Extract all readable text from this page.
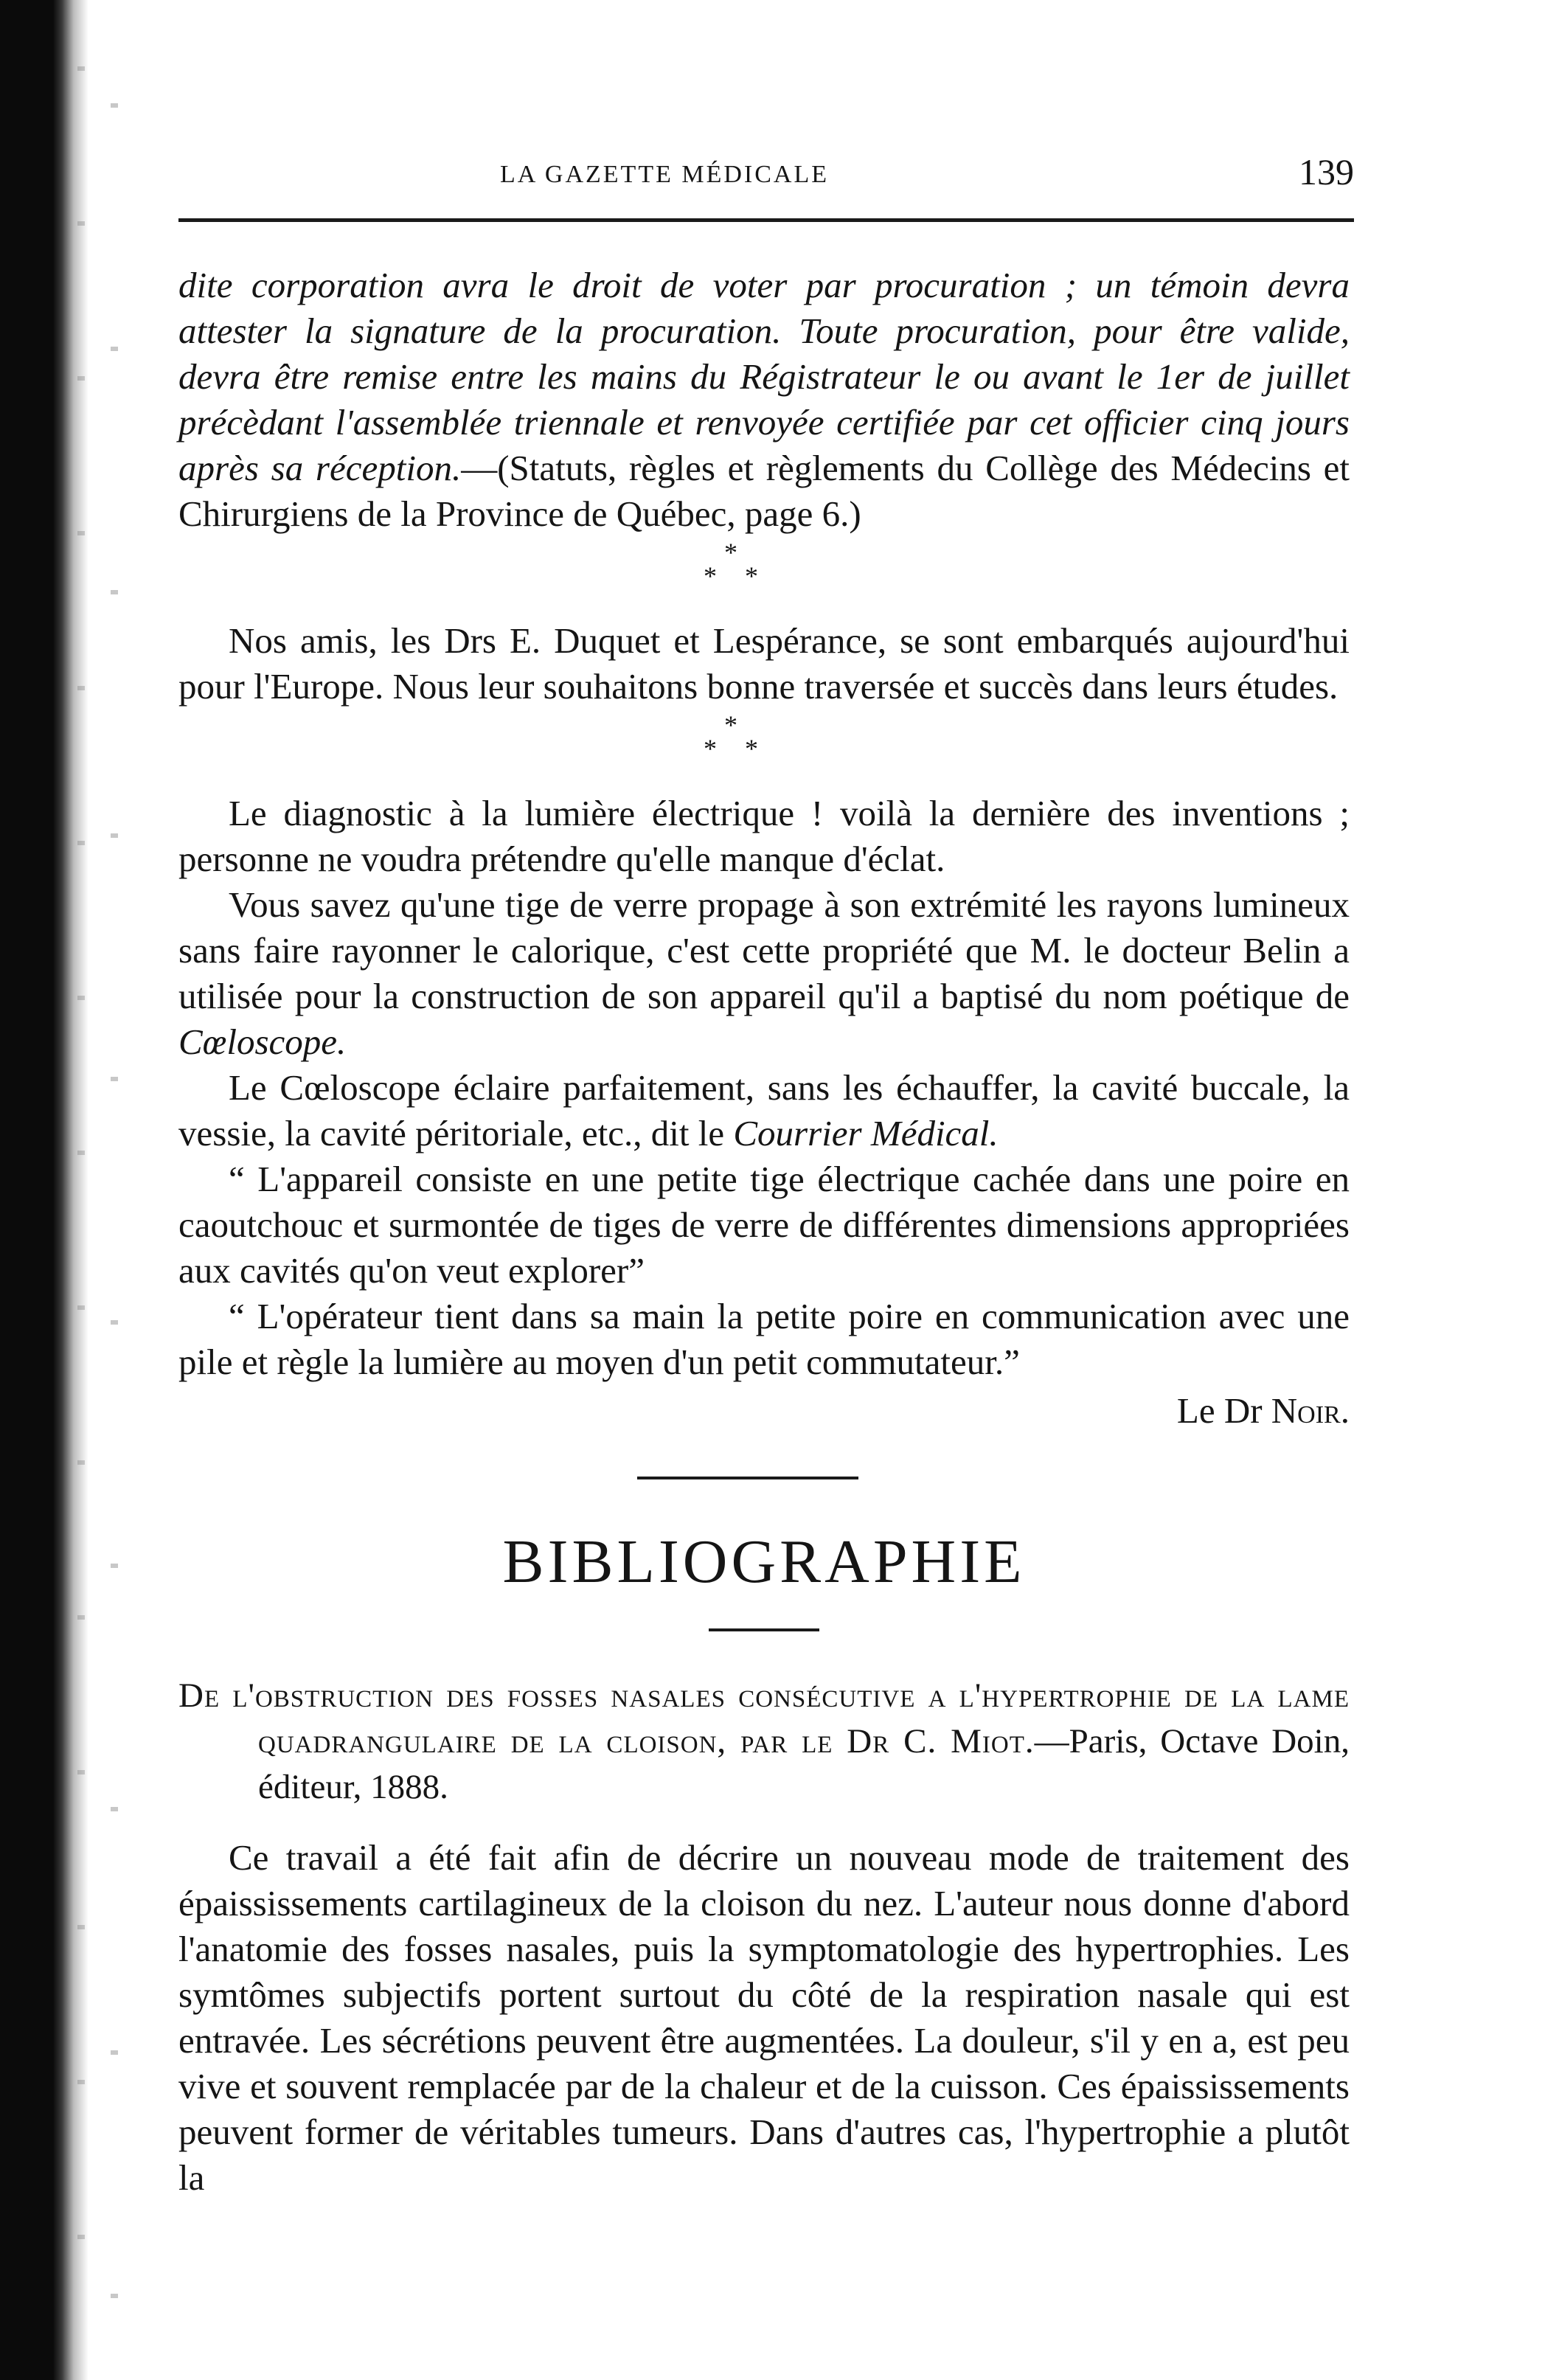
LA GAZETTE MÉDICALE	139

dite corporation avra le droit de voter par procuration ; un témoin devra attester la signature de la procuration. Toute procuration, pour être valide, devra être remise entre les mains du Régistrateur le ou avant le 1er de juillet précèdant l'assemblée triennale et renvoyée certifiée par cet officier cinq jours après sa réception.—(Statuts, règles et règlements du Collège des Médecins et Chirurgiens de la Province de Québec, page 6.)

*
* *

Nos amis, les Drs E. Duquet et Lespérance, se sont embarqués aujourd'hui pour l'Europe. Nous leur souhaitons bonne traversée et succès dans leurs études.

*
* *

Le diagnostic à la lumière électrique ! voilà la dernière des inventions ; personne ne voudra prétendre qu'elle manque d'éclat.

Vous savez qu'une tige de verre propage à son extrémité les rayons lumineux sans faire rayonner le calorique, c'est cette propriété que M. le docteur Belin a utilisée pour la construction de son appareil qu'il a baptisé du nom poétique de Cœloscope.

Le Cœloscope éclaire parfaitement, sans les échauffer, la cavité buccale, la vessie, la cavité péritoriale, etc., dit le Courrier Médical.

“ L'appareil consiste en une petite tige électrique cachée dans une poire en caoutchouc et surmontée de tiges de verre de différentes dimensions appropriées aux cavités qu'on veut explorer”

“ L'opérateur tient dans sa main la petite poire en communication avec une pile et règle la lumière au moyen d'un petit commutateur.”

Le Dr Noir.
BIBLIOGRAPHIE

De l'obstruction des fosses nasales consécutive a l'hypertrophie de la lame quadrangulaire de la cloison, par le Dr C. Miot.—Paris, Octave Doin, éditeur, 1888.

Ce travail a été fait afin de décrire un nouveau mode de traitement des épaississements cartilagineux de la cloison du nez. L'auteur nous donne d'abord l'anatomie des fosses nasales, puis la symptomatologie des hypertrophies. Les symtômes subjectifs portent surtout du côté de la respiration nasale qui est entravée. Les sécrétions peuvent être augmentées. La douleur, s'il y en a, est peu vive et souvent remplacée par de la chaleur et de la cuisson. Ces épaississements peuvent former de véritables tumeurs. Dans d'autres cas, l'hypertrophie a plutôt la
